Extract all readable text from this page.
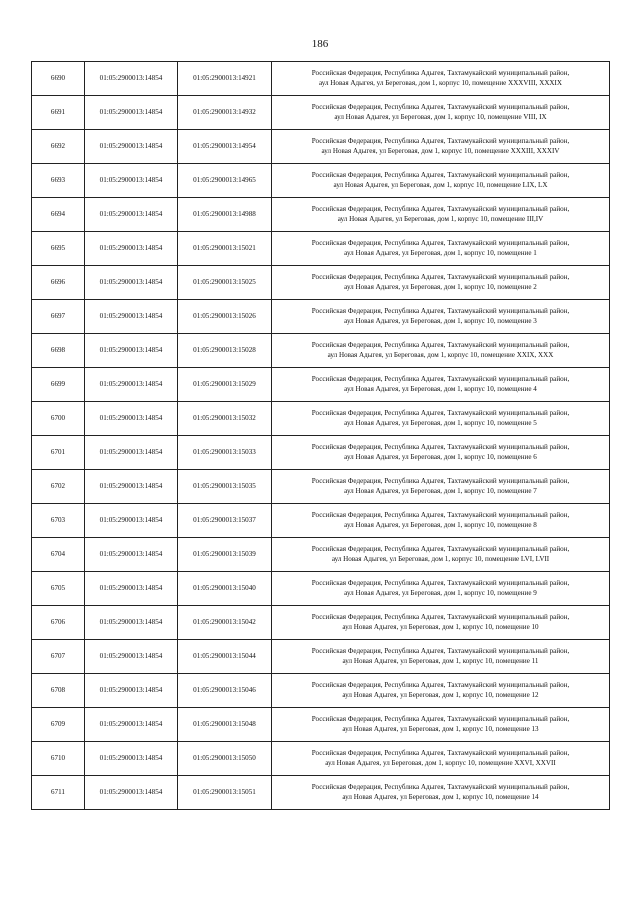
186
6690	01:05:2900013:14854	01:05:2900013:14921	Российская Федерация, Республика Адыгея, Тахтамукайский муниципальный район,
аул Новая Адыгея, ул Береговая, дом 1, корпус 10, помещение XXXVIII, XXXIX

6691	01:05:2900013:14854	01:05:2900013:14932	Российская Федерация, Республика Адыгея, Тахтамукайский муниципальный район,
аул Новая Адыгея, ул Береговая, дом 1, корпус 10, помещение VIII, IX

6692	01:05:2900013:14854	01:05:2900013:14954	Российская Федерация, Республика Адыгея, Тахтамукайский муниципальный район,
аул Новая Адыгея, ул Береговая, дом 1, корпус 10, помещение XXXIII, XXXIV

6693	01:05:2900013:14854	01:05:2900013:14965	Российская Федерация, Республика Адыгея, Тахтамукайский муниципальный район,
аул Новая Адыгея, ул Береговая, дом 1, корпус 10, помещение LIX, LX

6694	01:05:2900013:14854	01:05:2900013:14988	Российская Федерация, Республика Адыгея, Тахтамукайский муниципальный район,
аул Новая Адыгея, ул Береговая, дом 1, корпус 10, помещение III,IV

6695	01:05:2900013:14854	01:05:2900013:15021	Российская Федерация, Республика Адыгея, Тахтамукайский муниципальный район,
аул Новая Адыгея, ул Береговая, дом 1, корпус 10, помещение 1

6696	01:05:2900013:14854	01:05:2900013:15025	Российская Федерация, Республика Адыгея, Тахтамукайский муниципальный район,
аул Новая Адыгея, ул Береговая, дом 1, корпус 10, помещение 2

6697	01:05:2900013:14854	01:05:2900013:15026	Российская Федерация, Республика Адыгея, Тахтамукайский муниципальный район,
аул Новая Адыгея, ул Береговая, дом 1, корпус 10, помещение 3

6698	01:05:2900013:14854	01:05:2900013:15028	Российская Федерация, Республика Адыгея, Тахтамукайский муниципальный район,
аул Новая Адыгея, ул Береговая, дом 1, корпус 10, помещение XXIX, XXX

6699	01:05:2900013:14854	01:05:2900013:15029	Российская Федерация, Республика Адыгея, Тахтамукайский муниципальный район,
аул Новая Адыгея, ул Береговая, дом 1, корпус 10, помещение 4

6700	01:05:2900013:14854	01:05:2900013:15032	Российская Федерация, Республика Адыгея, Тахтамукайский муниципальный район,
аул Новая Адыгея, ул Береговая, дом 1, корпус 10, помещение 5

6701	01:05:2900013:14854	01:05:2900013:15033	Российская Федерация, Республика Адыгея, Тахтамукайский муниципальный район,
аул Новая Адыгея, ул Береговая, дом 1, корпус 10, помещение 6

6702	01:05:2900013:14854	01:05:2900013:15035	Российская Федерация, Республика Адыгея, Тахтамукайский муниципальный район,
аул Новая Адыгея, ул Береговая, дом 1, корпус 10, помещение 7

6703	01:05:2900013:14854	01:05:2900013:15037	Российская Федерация, Республика Адыгея, Тахтамукайский муниципальный район,
аул Новая Адыгея, ул Береговая, дом 1, корпус 10, помещение 8

6704	01:05:2900013:14854	01:05:2900013:15039	Российская Федерация, Республика Адыгея, Тахтамукайский муниципальный район,
аул Новая Адыгея, ул Береговая, дом 1, корпус 10, помещение LVI, LVII

6705	01:05:2900013:14854	01:05:2900013:15040	Российская Федерация, Республика Адыгея, Тахтамукайский муниципальный район,
аул Новая Адыгея, ул Береговая, дом 1, корпус 10, помещение 9

6706	01:05:2900013:14854	01:05:2900013:15042	Российская Федерация, Республика Адыгея, Тахтамукайский муниципальный район,
аул Новая Адыгея, ул Береговая, дом 1, корпус 10, помещение 10

6707	01:05:2900013:14854	01:05:2900013:15044	Российская Федерация, Республика Адыгея, Тахтамукайский муниципальный район,
аул Новая Адыгея, ул Береговая, дом 1, корпус 10, помещение 11

6708	01:05:2900013:14854	01:05:2900013:15046	Российская Федерация, Республика Адыгея, Тахтамукайский муниципальный район,
аул Новая Адыгея, ул Береговая, дом 1, корпус 10, помещение 12

6709	01:05:2900013:14854	01:05:2900013:15048	Российская Федерация, Республика Адыгея, Тахтамукайский муниципальный район,
аул Новая Адыгея, ул Береговая, дом 1, корпус 10, помещение 13

6710	01:05:2900013:14854	01:05:2900013:15050	Российская Федерация, Республика Адыгея, Тахтамукайский муниципальный район,
аул Новая Адыгея, ул Береговая, дом 1, корпус 10, помещение XXVI, XXVII

6711	01:05:2900013:14854	01:05:2900013:15051	Российская Федерация, Республика Адыгея, Тахтамукайский муниципальный район,
аул Новая Адыгея, ул Береговая, дом 1, корпус 10, помещение 14
